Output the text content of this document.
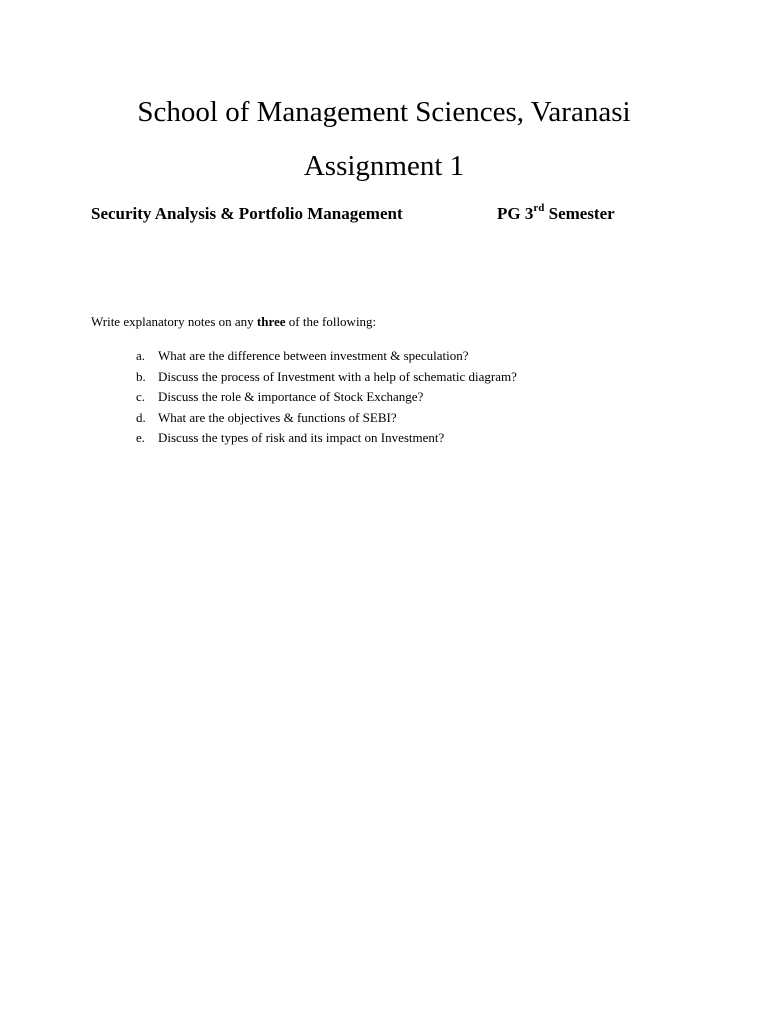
School of Management Sciences, Varanasi
Assignment 1
Security Analysis & Portfolio Management	PG 3rd Semester
Write explanatory notes on any three of the following:
a. What are the difference between investment & speculation?
b. Discuss the process of Investment with a help of schematic diagram?
c. Discuss the role & importance of Stock Exchange?
d. What are the objectives & functions of SEBI?
e. Discuss the types of risk and its impact on Investment?
